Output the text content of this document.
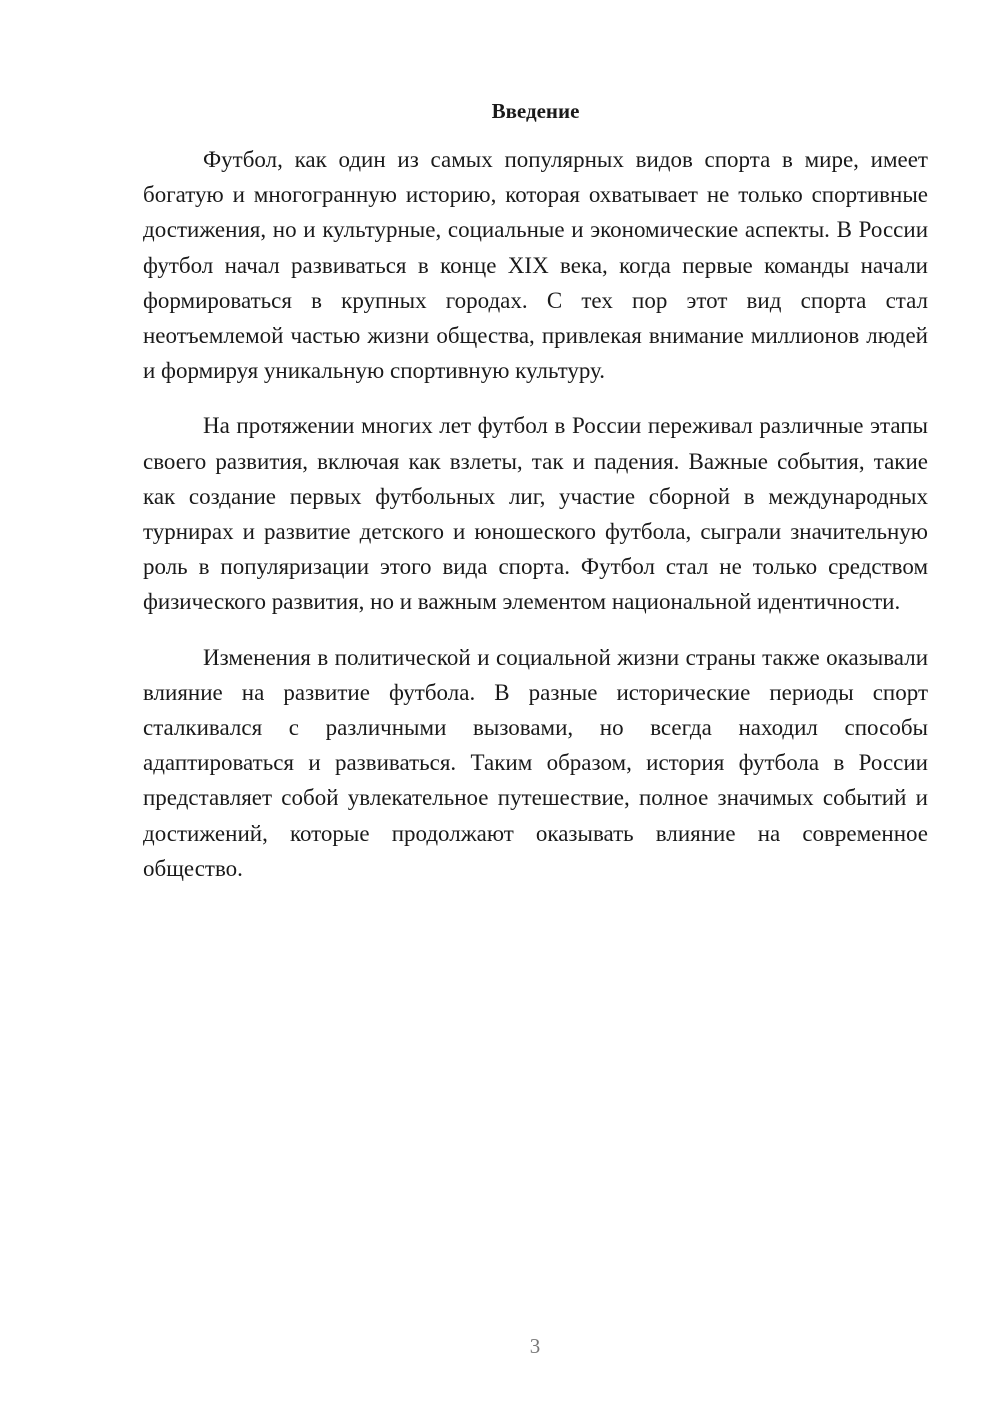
Введение

Футбол, как один из самых популярных видов спорта в мире, имеет богатую и многогранную историю, которая охватывает не только спортивные достижения, но и культурные, социальные и экономические аспекты. В России футбол начал развиваться в конце XIX века, когда первые команды начали формироваться в крупных городах. С тех пор этот вид спорта стал неотъемлемой частью жизни общества, привлекая внимание миллионов людей и формируя уникальную спортивную культуру.

На протяжении многих лет футбол в России переживал различные этапы своего развития, включая как взлеты, так и падения. Важные события, такие как создание первых футбольных лиг, участие сборной в международных турнирах и развитие детского и юношеского футбола, сыграли значительную роль в популяризации этого вида спорта. Футбол стал не только средством физического развития, но и важным элементом национальной идентичности.

Изменения в политической и социальной жизни страны также оказывали влияние на развитие футбола. В разные исторические периоды спорт сталкивался с различными вызовами, но всегда находил способы адаптироваться и развиваться. Таким образом, история футбола в России представляет собой увлекательное путешествие, полное значимых событий и достижений, которые продолжают оказывать влияние на современное общество.

3
